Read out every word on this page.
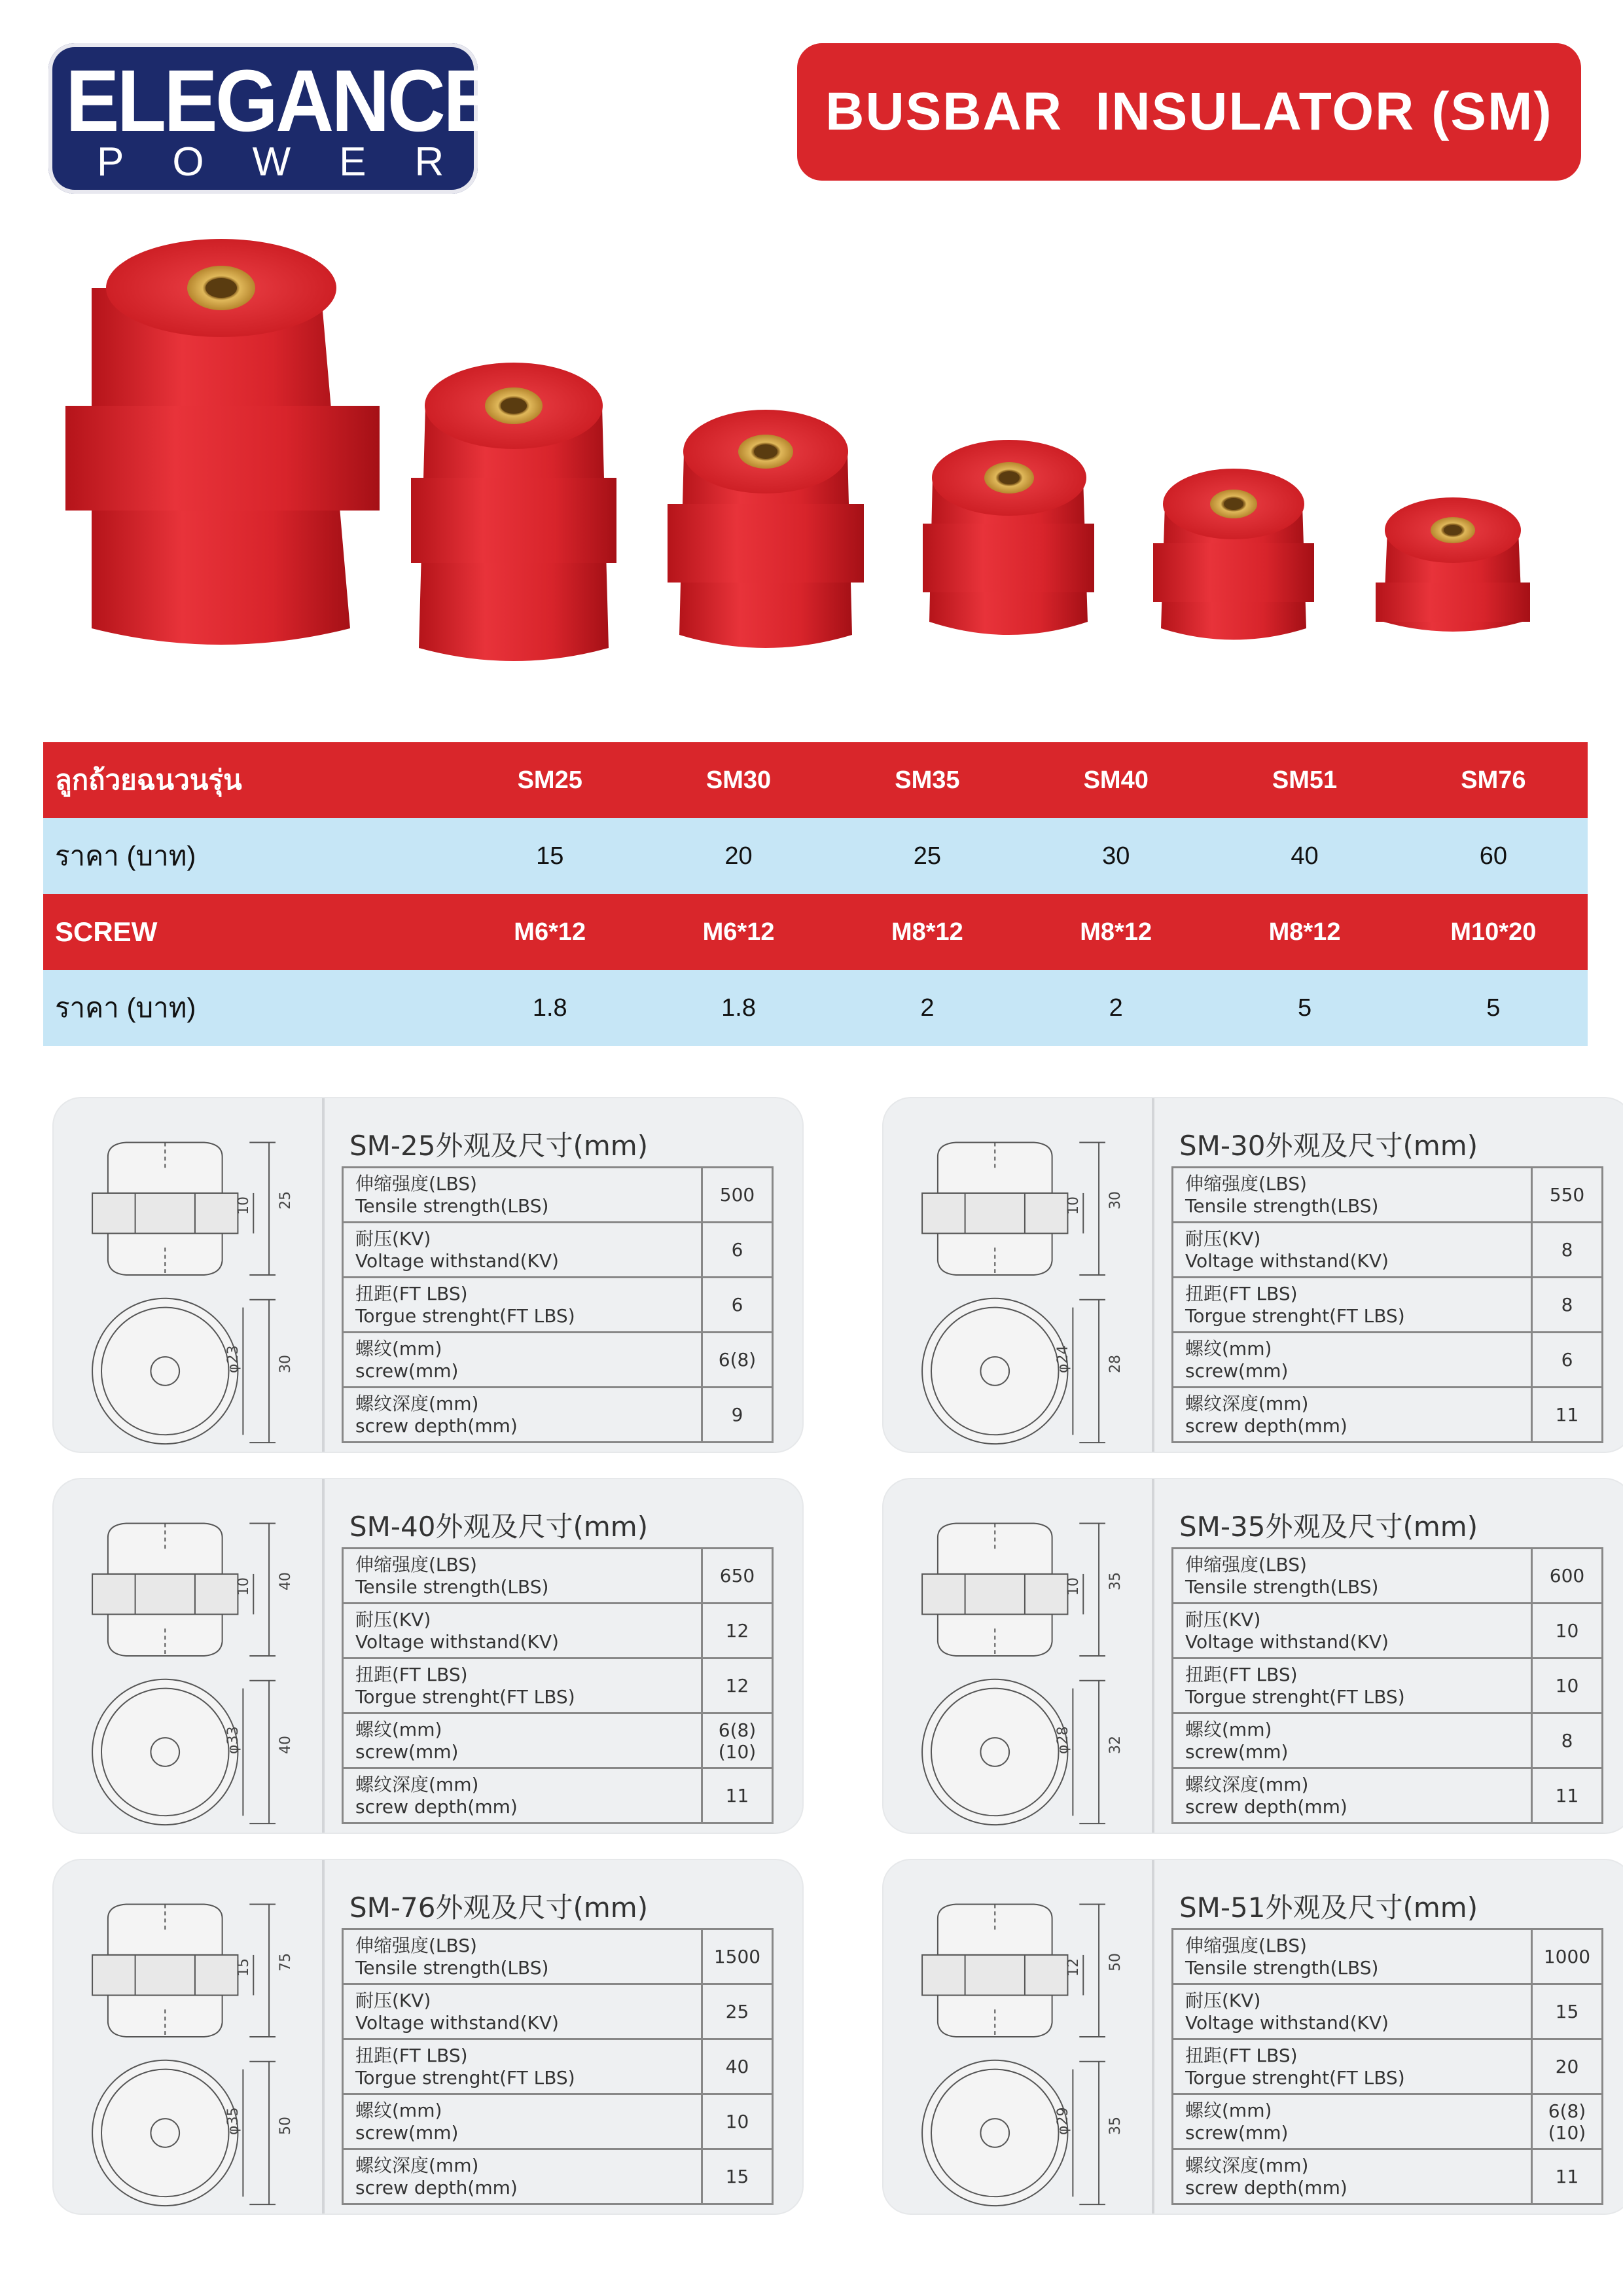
ELEGANCE
POWER
BUSBAR  INSULATOR (SM)
ลูกถ้วยฉนวนรุ่น	SM25	SM30	SM35	SM40	SM51	SM76
ราคา (บาท)	15	20	25	30	40	60
SCREW	M6*12	M6*12	M8*12	M8*12	M8*12	M10*20
ราคา (บาท)	1.8	1.8	2	2	5	5
10 25
φ23	30
SM-25外观及尺寸(mm)
伸缩强度(LBS)
Tensile strength(LBS)	500

耐压(KV)
Voltage withstand(KV)	6

扭距(FT LBS)
Torgue strenght(FT LBS)	6

螺纹(mm)
screw(mm)	6(8)

螺纹深度(mm)
screw depth(mm)	9
10 30
φ24	28
SM-30外观及尺寸(mm)
伸缩强度(LBS)
Tensile strength(LBS)	550

耐压(KV)
Voltage withstand(KV)	8

扭距(FT LBS)
Torgue strenght(FT LBS)	8

螺纹(mm)
screw(mm)	6

螺纹深度(mm)
screw depth(mm)	11
10 40
φ33	40
SM-40外观及尺寸(mm)
伸缩强度(LBS)
Tensile strength(LBS)	650

耐压(KV)
Voltage withstand(KV)	12

扭距(FT LBS)
Torgue strenght(FT LBS)	12

螺纹(mm)
screw(mm)	6(8)(10)

螺纹深度(mm)
screw depth(mm)	11
10 35
φ28	32
SM-35外观及尺寸(mm)
伸缩强度(LBS)
Tensile strength(LBS)	600

耐压(KV)
Voltage withstand(KV)	10

扭距(FT LBS)
Torgue strenght(FT LBS)	10

螺纹(mm)
screw(mm)	8

螺纹深度(mm)
screw depth(mm)	11
15 75
φ35	50
SM-76外观及尺寸(mm)
伸缩强度(LBS)
Tensile strength(LBS)	1500

耐压(KV)
Voltage withstand(KV)	25

扭距(FT LBS)
Torgue strenght(FT LBS)	40

螺纹(mm)
screw(mm)	10

螺纹深度(mm)
screw depth(mm)	15
12 50
φ29	35
SM-51外观及尺寸(mm)
伸缩强度(LBS)
Tensile strength(LBS)	1000

耐压(KV)
Voltage withstand(KV)	15

扭距(FT LBS)
Torgue strenght(FT LBS)	20

螺纹(mm)
screw(mm)	6(8)(10)

螺纹深度(mm)
screw depth(mm)	11
